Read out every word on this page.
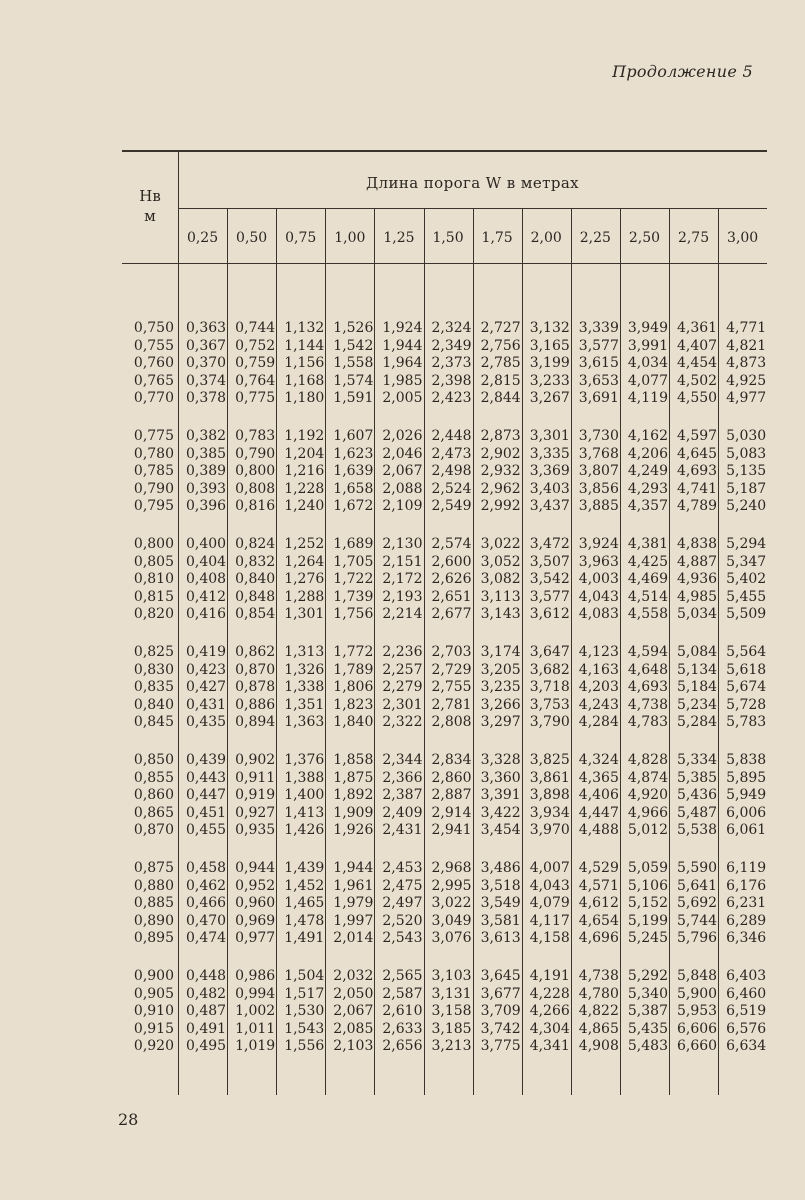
Продолжение 5
Hв
м
Длина порога W в метрах
0,25	0,50	0,75	1,00	1,25	1,50	1,75	2,00	2,25	2,50	2,75	3,00
0,750 0,363 0,744 1,132 1,526 1,924 2,324 2,727 3,132 3,339 3,949 4,361 4,771
0,755 0,367 0,752 1,144 1,542 1,944 2,349 2,756 3,165 3,577 3,991 4,407 4,821
0,760 0,370 0,759 1,156 1,558 1,964 2,373 2,785 3,199 3,615 4,034 4,454 4,873
0,765 0,374 0,764 1,168 1,574 1,985 2,398 2,815 3,233 3,653 4,077 4,502 4,925
0,770 0,378 0,775 1,180 1,591 2,005 2,423 2,844 3,267 3,691 4,119 4,550 4,977
0,775 0,382 0,783 1,192 1,607 2,026 2,448 2,873 3,301 3,730 4,162 4,597 5,030
0,780 0,385 0,790 1,204 1,623 2,046 2,473 2,902 3,335 3,768 4,206 4,645 5,083
0,785 0,389 0,800 1,216 1,639 2,067 2,498 2,932 3,369 3,807 4,249 4,693 5,135
0,790 0,393 0,808 1,228 1,658 2,088 2,524 2,962 3,403 3,856 4,293 4,741 5,187
0,795 0,396 0,816 1,240 1,672 2,109 2,549 2,992 3,437 3,885 4,357 4,789 5,240
0,800 0,400 0,824 1,252 1,689 2,130 2,574 3,022 3,472 3,924 4,381 4,838 5,294
0,805 0,404 0,832 1,264 1,705 2,151 2,600 3,052 3,507 3,963 4,425 4,887 5,347
0,810 0,408 0,840 1,276 1,722 2,172 2,626 3,082 3,542 4,003 4,469 4,936 5,402
0,815 0,412 0,848 1,288 1,739 2,193 2,651 3,113 3,577 4,043 4,514 4,985 5,455
0,820 0,416 0,854 1,301 1,756 2,214 2,677 3,143 3,612 4,083 4,558 5,034 5,509
0,825 0,419 0,862 1,313 1,772 2,236 2,703 3,174 3,647 4,123 4,594 5,084 5,564
0,830 0,423 0,870 1,326 1,789 2,257 2,729 3,205 3,682 4,163 4,648 5,134 5,618
0,835 0,427 0,878 1,338 1,806 2,279 2,755 3,235 3,718 4,203 4,693 5,184 5,674
0,840 0,431 0,886 1,351 1,823 2,301 2,781 3,266 3,753 4,243 4,738 5,234 5,728
0,845 0,435 0,894 1,363 1,840 2,322 2,808 3,297 3,790 4,284 4,783 5,284 5,783
0,850 0,439 0,902 1,376 1,858 2,344 2,834 3,328 3,825 4,324 4,828 5,334 5,838
0,855 0,443 0,911 1,388 1,875 2,366 2,860 3,360 3,861 4,365 4,874 5,385 5,895
0,860 0,447 0,919 1,400 1,892 2,387 2,887 3,391 3,898 4,406 4,920 5,436 5,949
0,865 0,451 0,927 1,413 1,909 2,409 2,914 3,422 3,934 4,447 4,966 5,487 6,006
0,870 0,455 0,935 1,426 1,926 2,431 2,941 3,454 3,970 4,488 5,012 5,538 6,061
0,875 0,458 0,944 1,439 1,944 2,453 2,968 3,486 4,007 4,529 5,059 5,590 6,119
0,880 0,462 0,952 1,452 1,961 2,475 2,995 3,518 4,043 4,571 5,106 5,641 6,176
0,885 0,466 0,960 1,465 1,979 2,497 3,022 3,549 4,079 4,612 5,152 5,692 6,231
0,890 0,470 0,969 1,478 1,997 2,520 3,049 3,581 4,117 4,654 5,199 5,744 6,289
0,895 0,474 0,977 1,491 2,014 2,543 3,076 3,613 4,158 4,696 5,245 5,796 6,346
0,900 0,448 0,986 1,504 2,032 2,565 3,103 3,645 4,191 4,738 5,292 5,848 6,403
0,905 0,482 0,994 1,517 2,050 2,587 3,131 3,677 4,228 4,780 5,340 5,900 6,460
0,910 0,487 1,002 1,530 2,067 2,610 3,158 3,709 4,266 4,822 5,387 5,953 6,519
0,915 0,491 1,011 1,543 2,085 2,633 3,185 3,742 4,304 4,865 5,435 6,606 6,576
0,920 0,495 1,019 1,556 2,103 2,656 3,213 3,775 4,341 4,908 5,483 6,660 6,634
28
